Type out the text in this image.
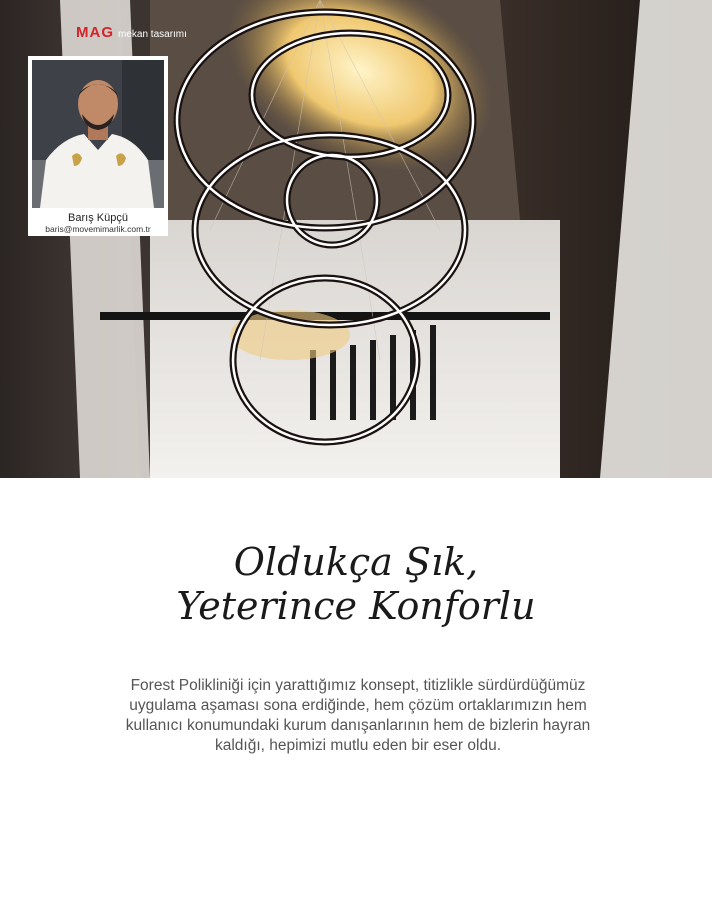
MAG mekan tasarımı
Barış Küpçü
baris@movemimarlik.com.tr
Oldukça Şık,
Yeterince Konforlu
Forest Polikliniği için yarattığımız konsept, titizlikle sürdürdüğümüz uygulama aşaması sona erdiğinde, hem çözüm ortaklarımızın hem kullanıcı konumundaki kurum danışanlarının hem de bizlerin hayran kaldığı, hepimizi mutlu eden bir eser oldu.
